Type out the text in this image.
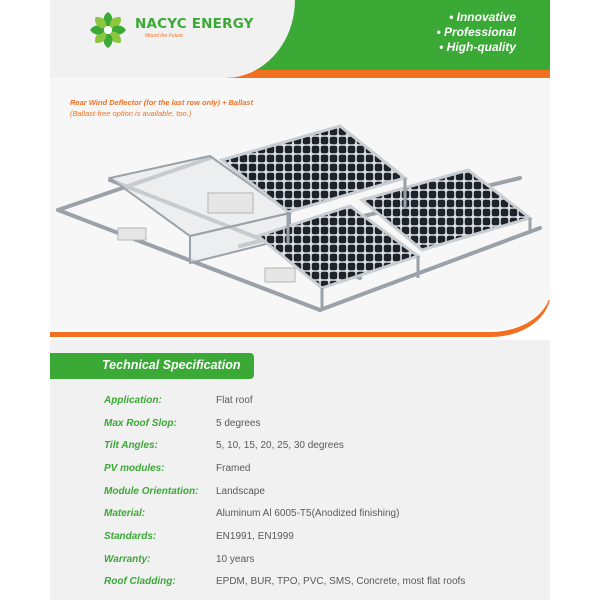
NACYC ENERGY
Mount the Future
• Innovative
• Professional
• High-quality
Rear Wind Deflector (for the last row only) + Ballast
(Ballast-free option is available, too.)
Technical Specification
Application:	Flat roof
Max Roof Slop:	5 degrees
Tilt Angles:	5, 10, 15, 20, 25, 30 degrees
PV modules:	Framed
Module Orientation: Landscape
Material:	Aluminum Al 6005-T5(Anodized finishing)
Standards:	EN1991, EN1999
Warranty:	10 years
Roof Cladding:	EPDM, BUR, TPO, PVC, SMS, Concrete, most flat roofs
